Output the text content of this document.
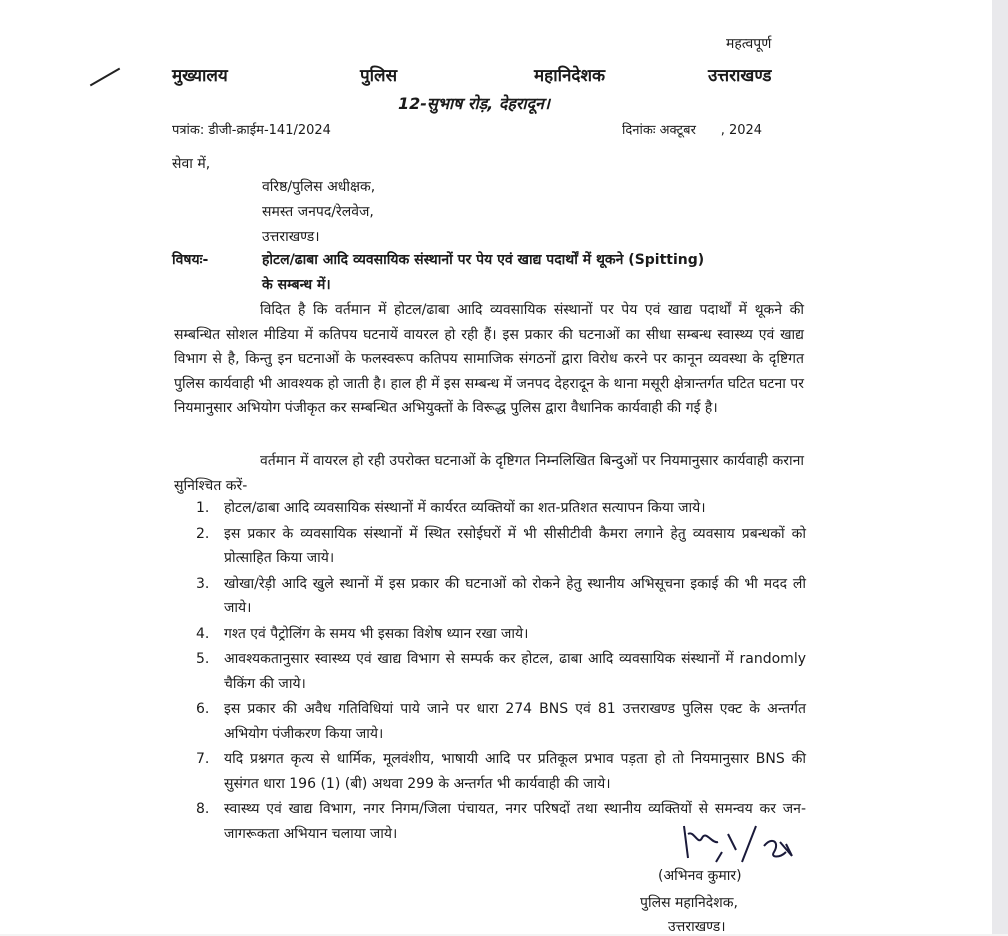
महत्वपूर्ण
मुख्यालय	पुलिस	महानिदेशक	उत्तराखण्ड
12-सुभाष रोड़, देहरादून।
पत्रांक: डीजी-क्राईम-141/2024	दिनांकः अक्टूबर      , 2024
सेवा में,
वरिष्ठ/पुलिस अधीक्षक,
समस्त जनपद/रेलवेज,
उत्तराखण्ड।
विषयः-	होटल/ढाबा आदि व्यवसायिक संस्थानों पर पेय एवं खाद्य पदार्थों में थूकने (Spitting)
के सम्बन्ध में।

विदित है कि वर्तमान में होटल/ढाबा आदि व्यवसायिक संस्थानों पर पेय एवं खाद्य पदार्थों में थूकने की सम्बन्धित सोशल मीडिया में कतिपय घटनायें वायरल हो रही हैं। इस प्रकार की घटनाओं का सीधा सम्बन्ध स्वास्थ्य एवं खाद्य विभाग से है, किन्तु इन घटनाओं के फलस्वरूप कतिपय सामाजिक संगठनों द्वारा विरोध करने पर कानून व्यवस्था के दृष्टिगत पुलिस कार्यवाही भी आवश्यक हो जाती है। हाल ही में इस सम्बन्ध में जनपद देहरादून के थाना मसूरी क्षेत्रान्तर्गत घटित घटना पर नियमानुसार अभियोग पंजीकृत कर सम्बन्धित अभियुक्तों के विरूद्ध पुलिस द्वारा वैधानिक कार्यवाही की गई है।

वर्तमान में वायरल हो रही उपरोक्त घटनाओं के दृष्टिगत निम्नलिखित बिन्दुओं पर नियमानुसार कार्यवाही कराना सुनिश्चित करें-

1. होटल/ढाबा आदि व्यवसायिक संस्थानों में कार्यरत व्यक्तियों का शत-प्रतिशत सत्यापन किया जाये।
2. इस प्रकार के व्यवसायिक संस्थानों में स्थित रसोईघरों में भी सीसीटीवी कैमरा लगाने हेतु व्यवसाय प्रबन्धकों को प्रोत्साहित किया जाये।
3. खोखा/रेड़ी आदि खुले स्थानों में इस प्रकार की घटनाओं को रोकने हेतु स्थानीय अभिसूचना इकाई की भी मदद ली जाये।
4. गश्त एवं पैट्रोलिंग के समय भी इसका विशेष ध्यान रखा जाये।
5. आवश्यकतानुसार स्वास्थ्य एवं खाद्य विभाग से सम्पर्क कर होटल, ढाबा आदि व्यवसायिक संस्थानों में randomly चैकिंग की जाये।
6. इस प्रकार की अवैध गतिविधियां पाये जाने पर धारा 274 BNS एवं 81 उत्तराखण्ड पुलिस एक्ट के अन्तर्गत अभियोग पंजीकरण किया जाये।
7. यदि प्रश्नगत कृत्य से धार्मिक, मूलवंशीय, भाषायी आदि पर प्रतिकूल प्रभाव पड़ता हो तो नियमानुसार BNS की सुसंगत धारा 196 (1) (बी) अथवा 299 के अन्तर्गत भी कार्यवाही की जाये।
8. स्वास्थ्य एवं खाद्य विभाग, नगर निगम/जिला पंचायत, नगर परिषदों तथा स्थानीय व्यक्तियों से समन्वय कर जन-जागरूकता अभियान चलाया जाये।
(अभिनव कुमार)
पुलिस महानिदेशक,
उत्तराखण्ड।
